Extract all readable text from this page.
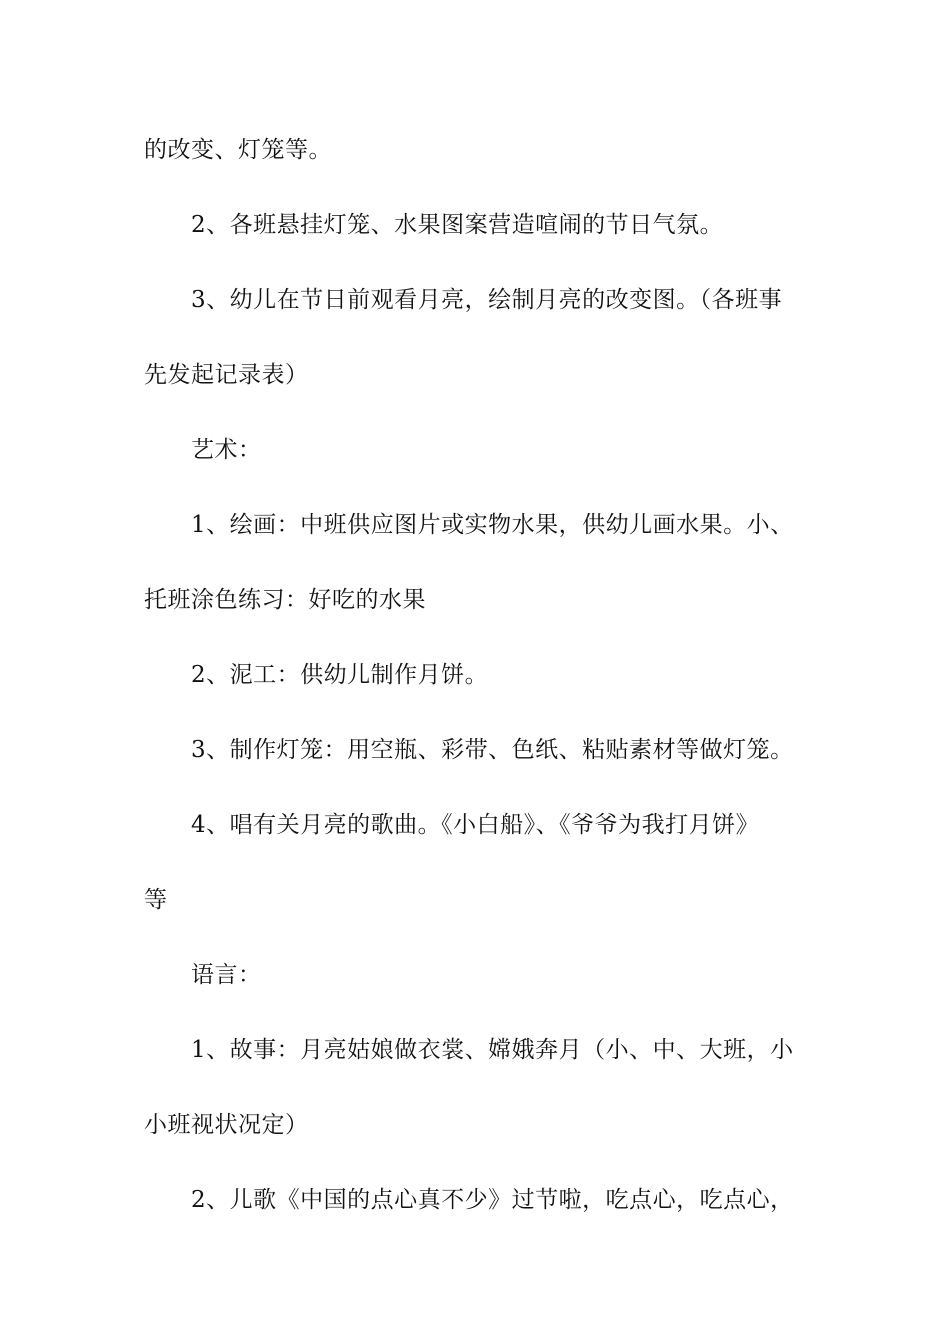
的改变、灯笼等。
2、各班悬挂灯笼、水果图案营造喧闹的节日气氛。
3、幼儿在节日前观看月亮，绘制月亮的改变图。（各班事
先发起记录表）
艺术：
1、绘画：中班供应图片或实物水果，供幼儿画水果。小、
托班涂色练习：好吃的水果
2、泥工：供幼儿制作月饼。
3、制作灯笼：用空瓶、彩带、色纸、粘贴素材等做灯笼。
4、唱有关月亮的歌曲。《小白船》、《爷爷为我打月饼》
等
语言：
1、故事：月亮姑娘做衣裳、嫦娥奔月（小、中、大班，小
小班视状况定）
2、儿歌《中国的点心真不少》过节啦，吃点心，吃点心，
